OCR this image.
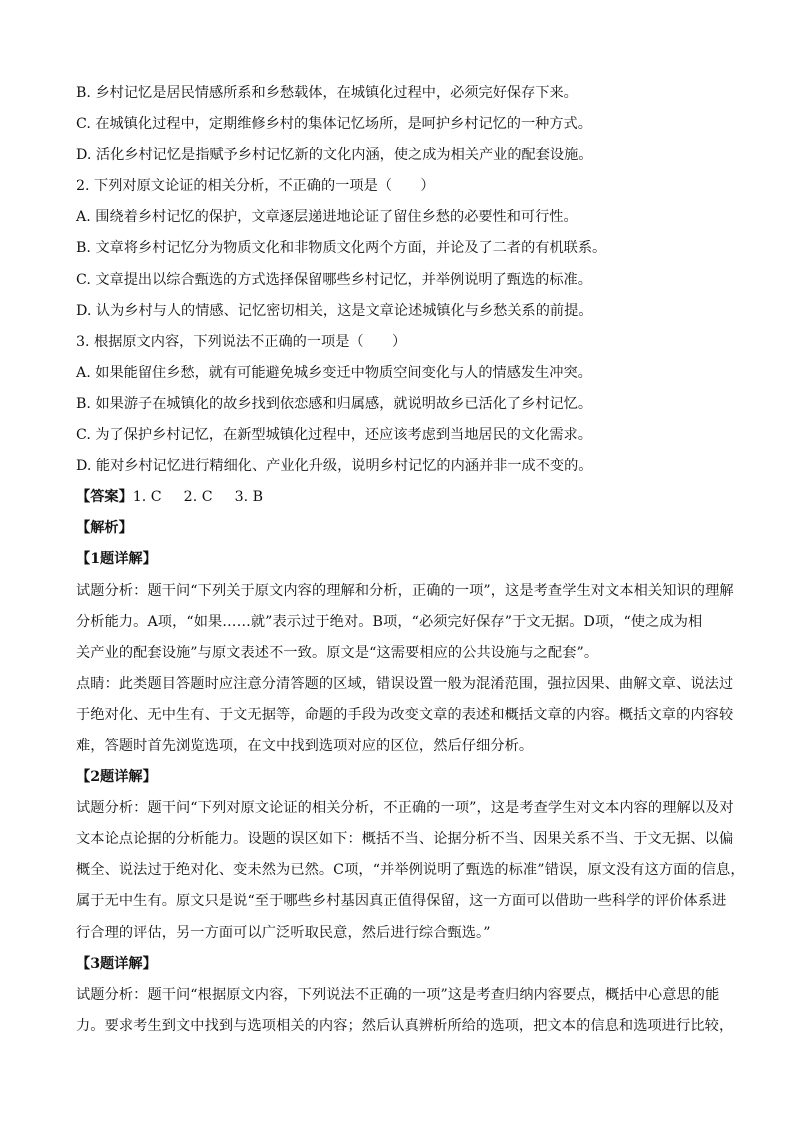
B. 乡村记忆是居民情感所系和乡愁载体，在城镇化过程中，必须完好保存下来。
C. 在城镇化过程中，定期维修乡村的集体记忆场所，是呵护乡村记忆的一种方式。
D. 活化乡村记忆是指赋予乡村记忆新的文化内涵，使之成为相关产业的配套设施。
2. 下列对原文论证的相关分析，不正确的一项是（　　）
A. 围绕着乡村记忆的保护，文章逐层递进地论证了留住乡愁的必要性和可行性。
B. 文章将乡村记忆分为物质文化和非物质文化两个方面，并论及了二者的有机联系。
C. 文章提出以综合甄选的方式选择保留哪些乡村记忆，并举例说明了甄选的标准。
D. 认为乡村与人的情感、记忆密切相关，这是文章论述城镇化与乡愁关系的前提。
3. 根据原文内容，下列说法不正确的一项是（　　）
A. 如果能留住乡愁，就有可能避免城乡变迁中物质空间变化与人的情感发生冲突。
B. 如果游子在城镇化的故乡找到依恋感和归属感，就说明故乡已活化了乡村记忆。
C. 为了保护乡村记忆，在新型城镇化过程中，还应该考虑到当地居民的文化需求。
D. 能对乡村记忆进行精细化、产业化升级，说明乡村记忆的内涵并非一成不变的。
【答案】1. C 2. C 3. B
【解析】
【1题详解】
试题分析：题干问“下列关于原文内容的理解和分析，正确的一项”，这是考查学生对文本相关知识的理解
分析能力。A项，“如果……就”表示过于绝对。B项，“必须完好保存”于文无据。D项，“使之成为相
关产业的配套设施”与原文表述不一致。原文是“这需要相应的公共设施与之配套”。
点睛：此类题目答题时应注意分清答题的区域，错误设置一般为混淆范围，强拉因果、曲解文章、说法过
于绝对化、无中生有、于文无据等，命题的手段为改变文章的表述和概括文章的内容。概括文章的内容较
难，答题时首先浏览选项，在文中找到选项对应的区位，然后仔细分析。
【2题详解】
试题分析：题干问“下列对原文论证的相关分析，不正确的一项”，这是考查学生对文本内容的理解以及对
文本论点论据的分析能力。设题的误区如下：概括不当、论据分析不当、因果关系不当、于文无据、以偏
概全、说法过于绝对化、变未然为已然。C项，“并举例说明了甄选的标准”错误，原文没有这方面的信息，
属于无中生有。原文只是说“至于哪些乡村基因真正值得保留，这一方面可以借助一些科学的评价体系进
行合理的评估，另一方面可以广泛听取民意，然后进行综合甄选。”
【3题详解】
试题分析：题干问“根据原文内容，下列说法不正确的一项”这是考查归纳内容要点，概括中心意思的能
力。要求考生到文中找到与选项相关的内容；然后认真辨析所给的选项，把文本的信息和选项进行比较，
